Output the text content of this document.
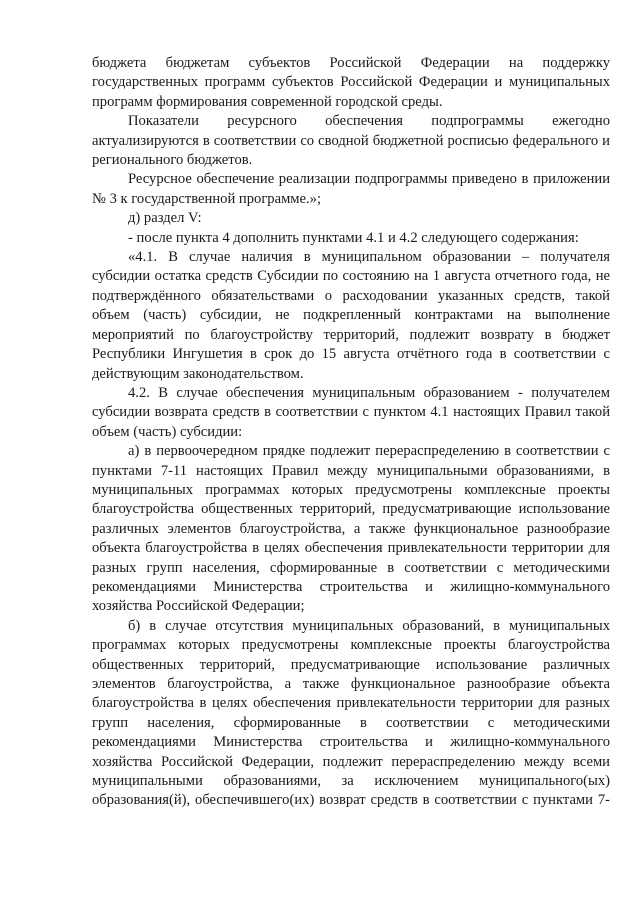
бюджета бюджетам субъектов Российской Федерации на поддержку государственных программ субъектов Российской Федерации и муниципальных программ формирования современной городской среды.

Показатели ресурсного обеспечения подпрограммы ежегодно актуализируются в соответствии со сводной бюджетной росписью федерального и регионального бюджетов.

Ресурсное обеспечение реализации подпрограммы приведено в приложении № 3 к государственной программе.»;

д) раздел V:

- после пункта 4 дополнить пунктами 4.1 и 4.2 следующего содержания:

«4.1. В случае наличия в муниципальном образовании – получателя субсидии остатка средств Субсидии по состоянию на 1 августа отчетного года, не подтверждённого обязательствами о расходовании указанных средств, такой объем (часть) субсидии, не подкрепленный контрактами на выполнение мероприятий по благоустройству территорий, подлежит возврату в бюджет Республики Ингушетия в срок до 15 августа отчётного года в соответствии с действующим законодательством.

4.2. В случае обеспечения муниципальным образованием - получателем субсидии возврата средств в соответствии с пунктом 4.1 настоящих Правил такой объем (часть) субсидии:

а) в первоочередном прядке подлежит перераспределению в соответствии с пунктами 7-11 настоящих Правил между муниципальными образованиями, в муниципальных программах которых предусмотрены комплексные проекты благоустройства общественных территорий, предусматривающие использование различных элементов благоустройства, а также функциональное разнообразие объекта благоустройства в целях обеспечения привлекательности территории для разных групп населения, сформированные в соответствии с методическими рекомендациями Министерства строительства и жилищно-коммунального хозяйства Российской Федерации;

б) в случае отсутствия муниципальных образований, в муниципальных программах которых предусмотрены комплексные проекты благоустройства общественных территорий, предусматривающие использование различных элементов благоустройства, а также функциональное разнообразие объекта благоустройства в целях обеспечения привлекательности территории для разных групп населения, сформированные в соответствии с методическими рекомендациями Министерства строительства и жилищно-коммунального хозяйства Российской Федерации, подлежит перераспределению между всеми муниципальными образованиями, за исключением муниципального(ых) образования(й), обеспечившего(их) возврат средств в соответствии с пунктами 7-
